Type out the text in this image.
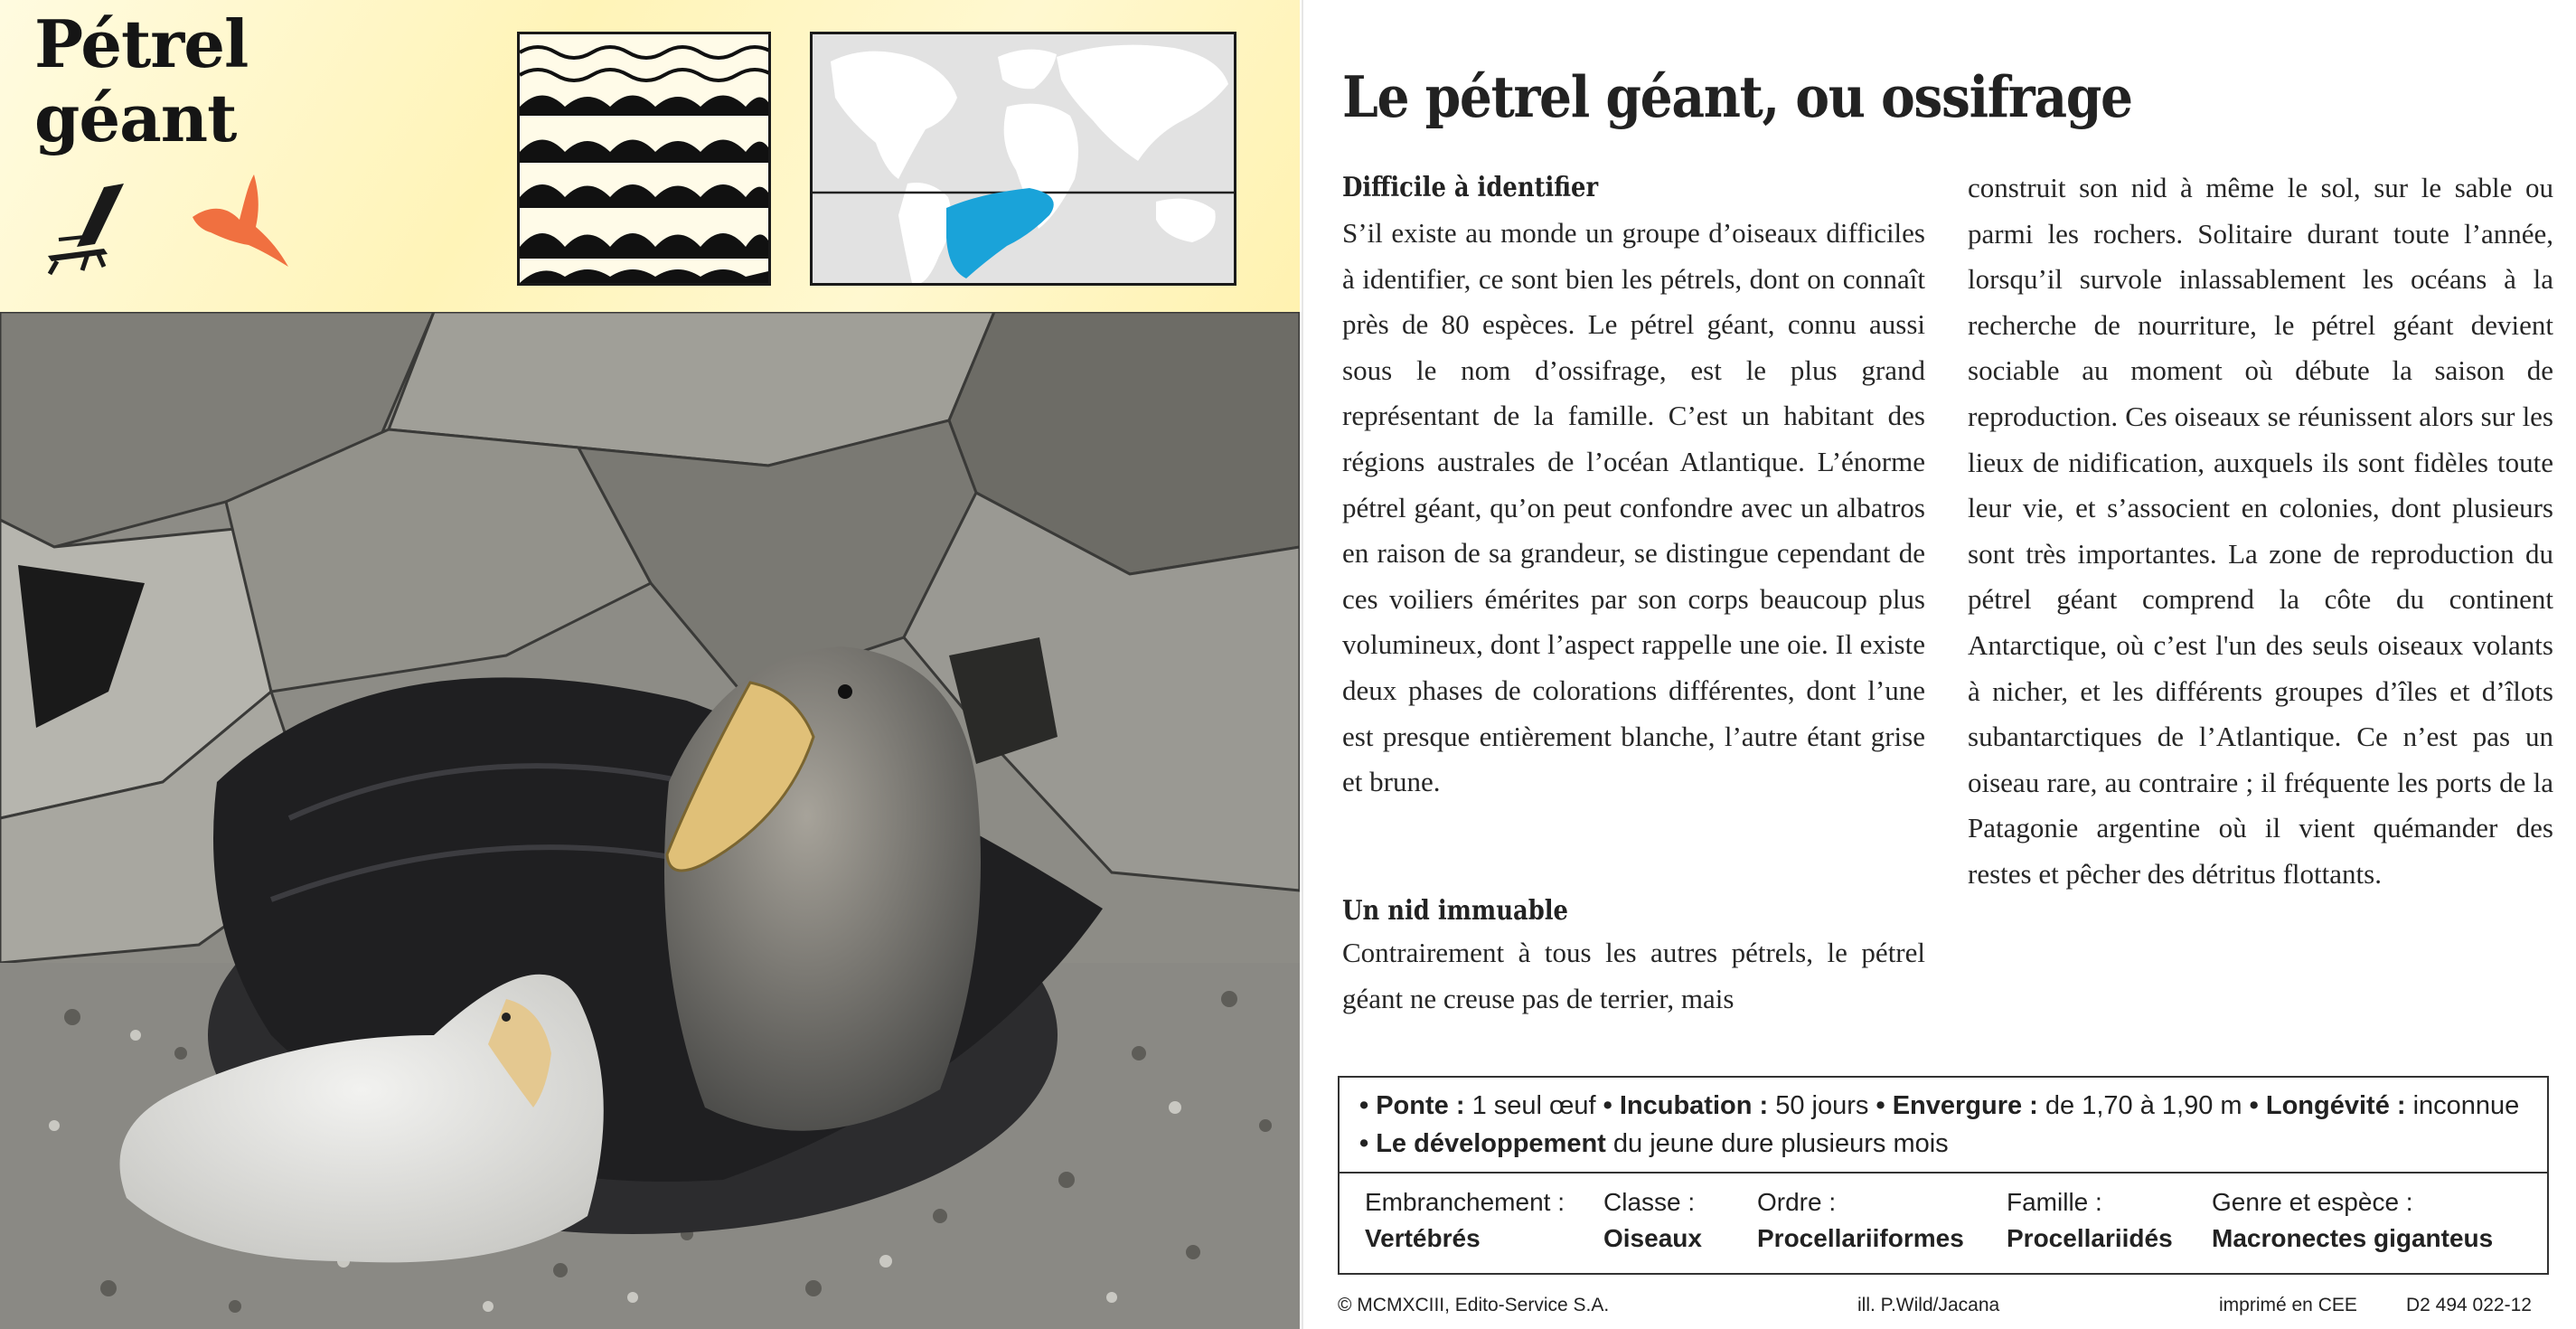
Pétrel
géant	Le pétrel géant, ou ossifrage
Difficile à identifier

S’il existe au monde un groupe d’oiseaux difficiles à identifier, ce sont bien les pétrels, dont on connaît près de 80 espèces. Le pétrel géant, connu aussi sous le nom d’ossifrage, est le plus grand représentant de la famille. C’est un habitant des régions australes de l’océan Atlantique. L’énorme pétrel géant, qu’on peut confondre avec un albatros en raison de sa grandeur, se distingue cependant de ces voiliers émérites par son corps beaucoup plus volumineux, dont l’aspect rappelle une oie. Il existe deux phases de colorations différentes, dont l’une est presque entièrement blanche, l’autre étant grise et brune.

Un nid immuable

Contrairement à tous les autres pétrels, le pétrel géant ne creuse pas de terrier, mais

construit son nid à même le sol, sur le sable ou parmi les rochers. Solitaire durant toute l’année, lorsqu’il survole inlassablement les océans à la recherche de nourriture, le pétrel géant devient sociable au moment où débute la saison de reproduction. Ces oiseaux se réunissent alors sur les lieux de nidification, auxquels ils sont fidèles toute leur vie, et s’associent en colonies, dont plusieurs sont très importantes. La zone de reproduction du pétrel géant comprend la côte du continent Antarctique, où c’est l'un des seuls oiseaux volants à nicher, et les différents groupes d’îles et d’îlots subantarctiques de l’Atlantique. Ce n’est pas un oiseau rare, au contraire ; il fréquente les ports de la Patagonie argentine où il vient quémander des restes et pêcher des détritus flottants.

• Ponte : 1 seul œuf • Incubation : 50 jours • Envergure : de 1,70 à 1,90 m • Longévité : inconnue
• Le développement du jeune dure plusieurs mois
Embranchement :
Vertébrés
Classe :
Oiseaux
Ordre :
Procellariiformes
Famille :
Procellariidés
Genre et espèce :
Macronectes giganteus
© MCMXCIII, Edito-Service S.A.	ill. P.Wild/Jacana	imprimé en CEE	D2 494 022-12
